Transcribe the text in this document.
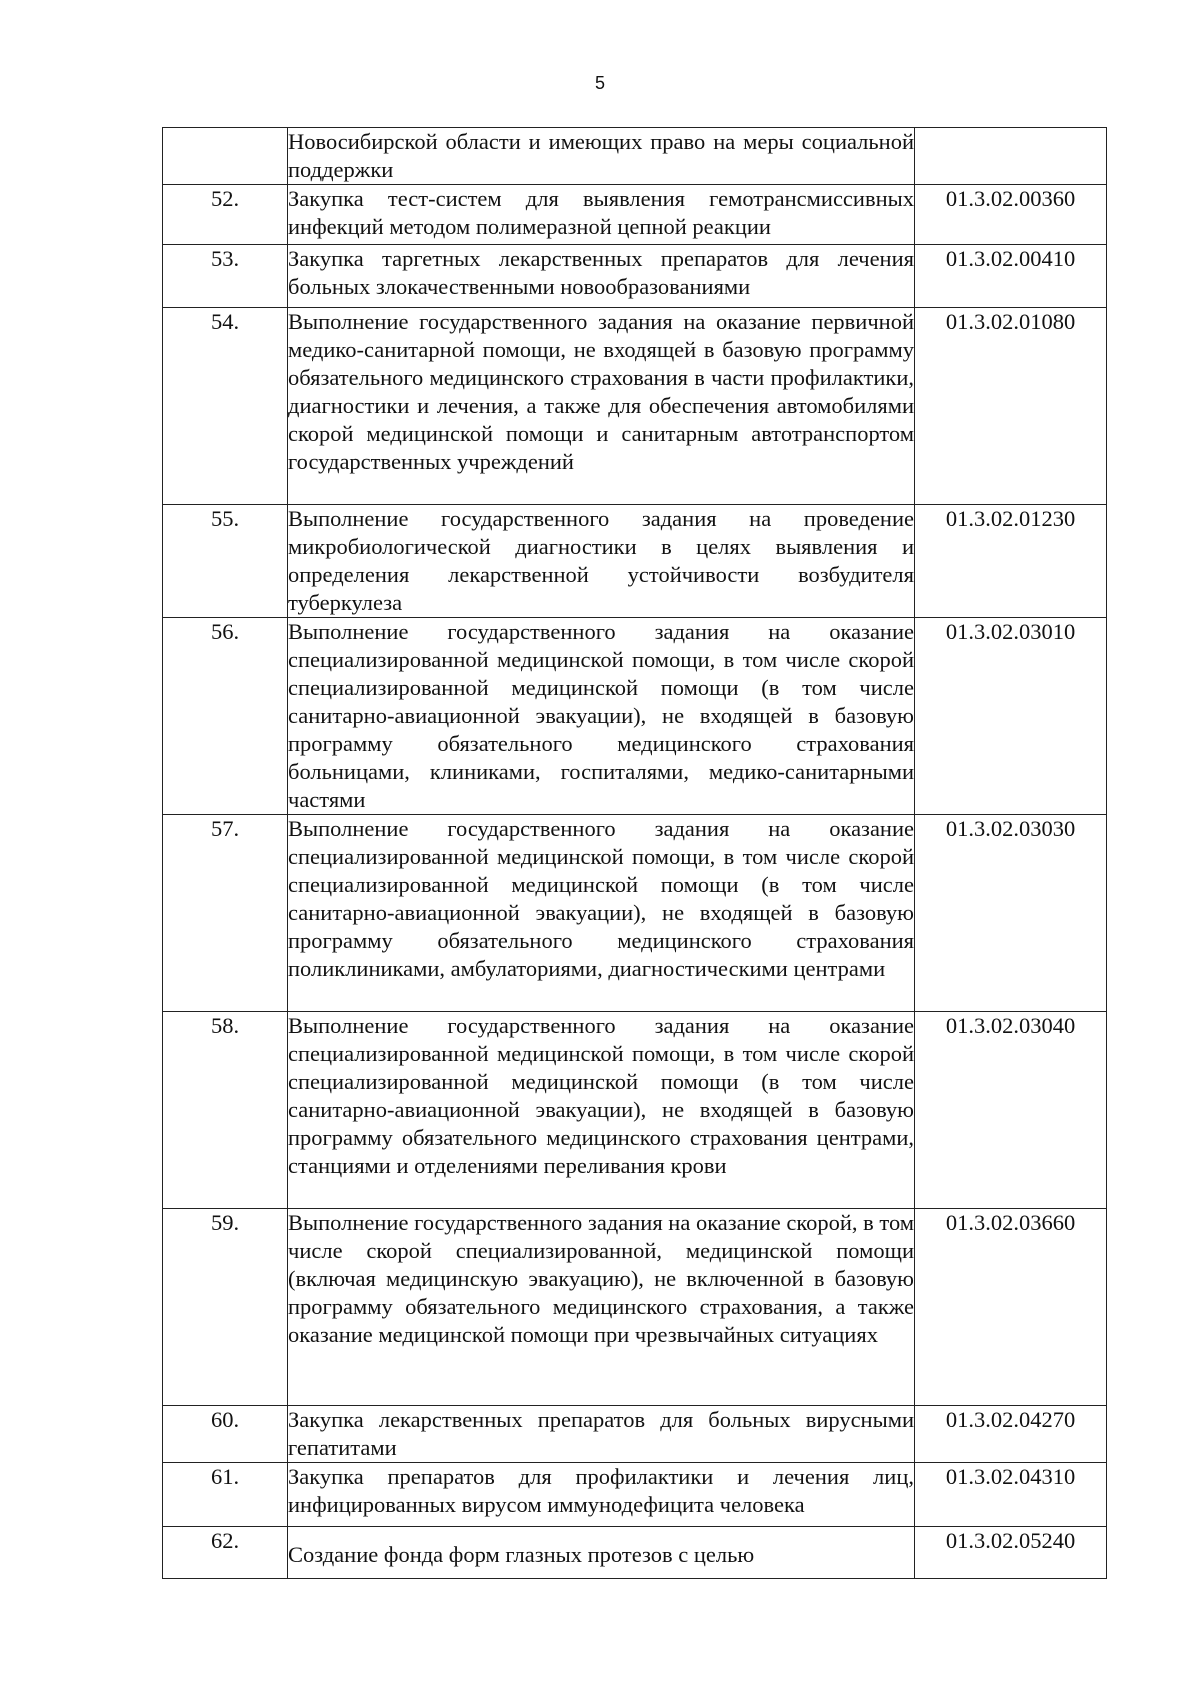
5
	Новосибирской области и имеющих право на меры социальной поддержки	
52.	Закупка тест-систем для выявления гемотрансмиссивных инфекций методом полимеразной цепной реакции	01.3.02.00360
53.	Закупка таргетных лекарственных препаратов для лечения больных злокачественными новообразованиями	01.3.02.00410
54.	Выполнение государственного задания на оказание первичной медико-санитарной помощи, не входящей в базовую программу обязательного медицинского страхования в части профилактики, диагностики и лечения, а также для обеспечения автомобилями скорой медицинской помощи и санитарным автотранспортом государственных учреждений	01.3.02.01080
55.	Выполнение государственного задания на проведение микробиологической диагностики в целях выявления и определения лекарственной устойчивости возбудителя туберкулеза	01.3.02.01230
56.	Выполнение государственного задания на оказание специализированной медицинской помощи, в том числе скорой специализированной медицинской помощи (в том числе санитарно-авиационной эвакуации), не входящей в базовую программу обязательного медицинского страхования больницами, клиниками, госпиталями, медико-санитарными частями	01.3.02.03010
57.	Выполнение государственного задания на оказание специализированной медицинской помощи, в том числе скорой специализированной медицинской помощи (в том числе санитарно-авиационной эвакуации), не входящей в базовую программу обязательного медицинского страхования поликлиниками, амбулаториями, диагностическими центрами	01.3.02.03030
58.	Выполнение государственного задания на оказание специализированной медицинской помощи, в том числе скорой специализированной медицинской помощи (в том числе санитарно-авиационной эвакуации), не входящей в базовую программу обязательного медицинского страхования центрами, станциями и отделениями переливания крови	01.3.02.03040
59.	Выполнение государственного задания на оказание скорой, в том числе скорой специализированной, медицинской помощи (включая медицинскую эвакуацию), не включенной в базовую программу обязательного медицинского страхования, а также оказание медицинской помощи при чрезвычайных ситуациях	01.3.02.03660
60.	Закупка лекарственных препаратов для больных вирусными гепатитами	01.3.02.04270
61.	Закупка препаратов для профилактики и лечения лиц, инфицированных вирусом иммунодефицита человека	01.3.02.04310
62.	Создание фонда форм глазных протезов с целью	01.3.02.05240
